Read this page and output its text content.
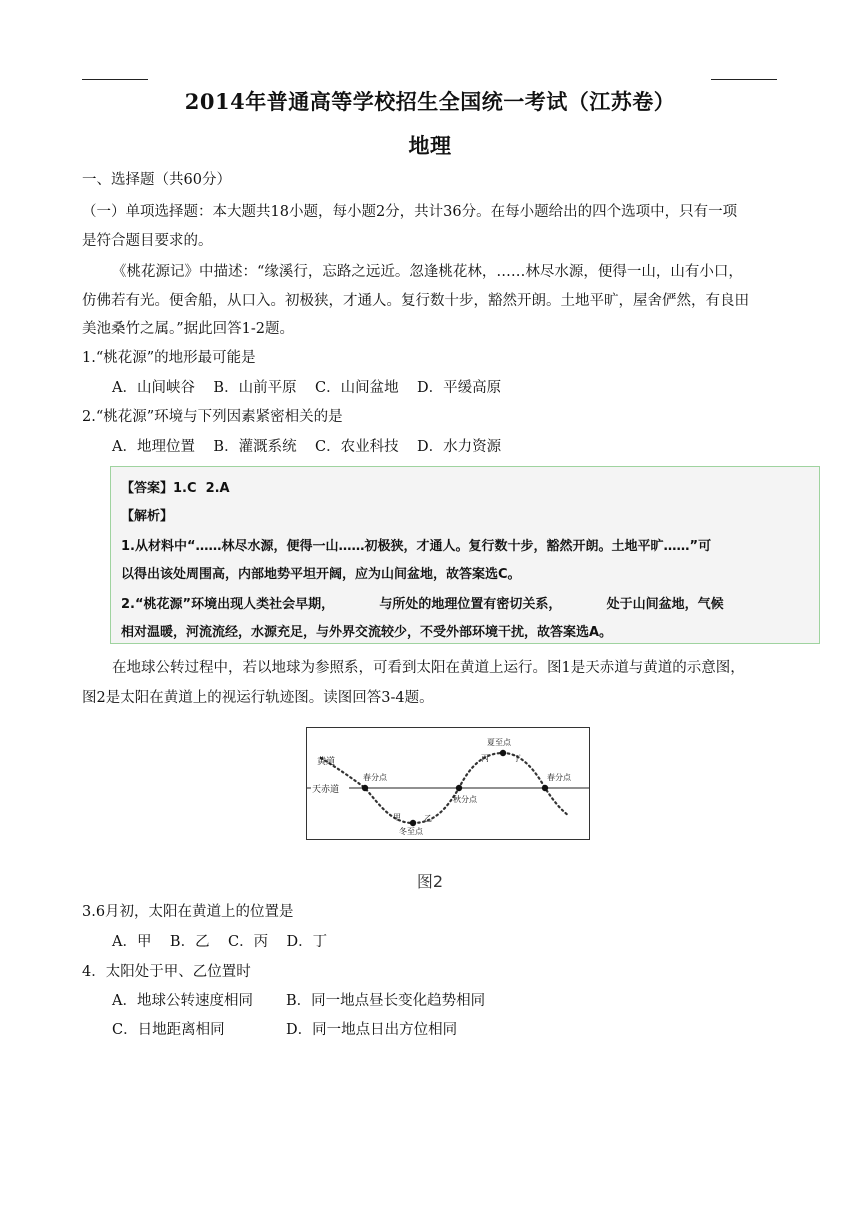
2014年普通高等学校招生全国统一考试（江苏卷）
地理
一、选择题（共60分）
（一）单项选择题：本大题共18小题，每小题2分，共计36分。在每小题给出的四个选项中，只有一项
是符合题目要求的。
《桃花源记》中描述：“缘溪行，忘路之远近。忽逢桃花林，……林尽水源，便得一山，山有小口，
仿佛若有光。便舍船，从口入。初极狭，才通人。复行数十步，豁然开朗。土地平旷，屋舍俨然，有良田
美池桑竹之属。”据此回答1-2题。
1.“桃花源”的地形最可能是
A．山间峡谷    B．山前平原    C．山间盆地    D．平缓高原
2.“桃花源”环境与下列因素紧密相关的是
A．地理位置    B．灌溉系统    C．农业科技    D．水力资源
【答案】1.C  2.A
【解析】
1.从材料中“……林尽水源，便得一山……初极狭，才通人。复行数十步，豁然开朗。土地平旷……”可
以得出该处周围高，内部地势平坦开阔，应为山间盆地，故答案选C。
2.“桃花源”环境出现人类社会早期，          与所处的地理位置有密切关系，          处于山间盆地，气候
相对温暖，河流流经，水源充足，与外界交流较少，不受外部环境干扰，故答案选A。
在地球公转过程中，若以地球为参照系，可看到太阳在黄道上运行。图1是天赤道与黄道的示意图，
图2是太阳在黄道上的视运行轨迹图。读图回答3-4题。
黄道
天赤道
春分点
甲	乙
冬至点
秋分点
夏至点
丙	丁
春分点
图2
3.6月初，太阳在黄道上的位置是
A．甲    B．乙    C．丙    D．丁
4．太阳处于甲、乙位置时
A．地球公转速度相同 B．同一地点昼长变化趋势相同
C．日地距离相同	D．同一地点日出方位相同
